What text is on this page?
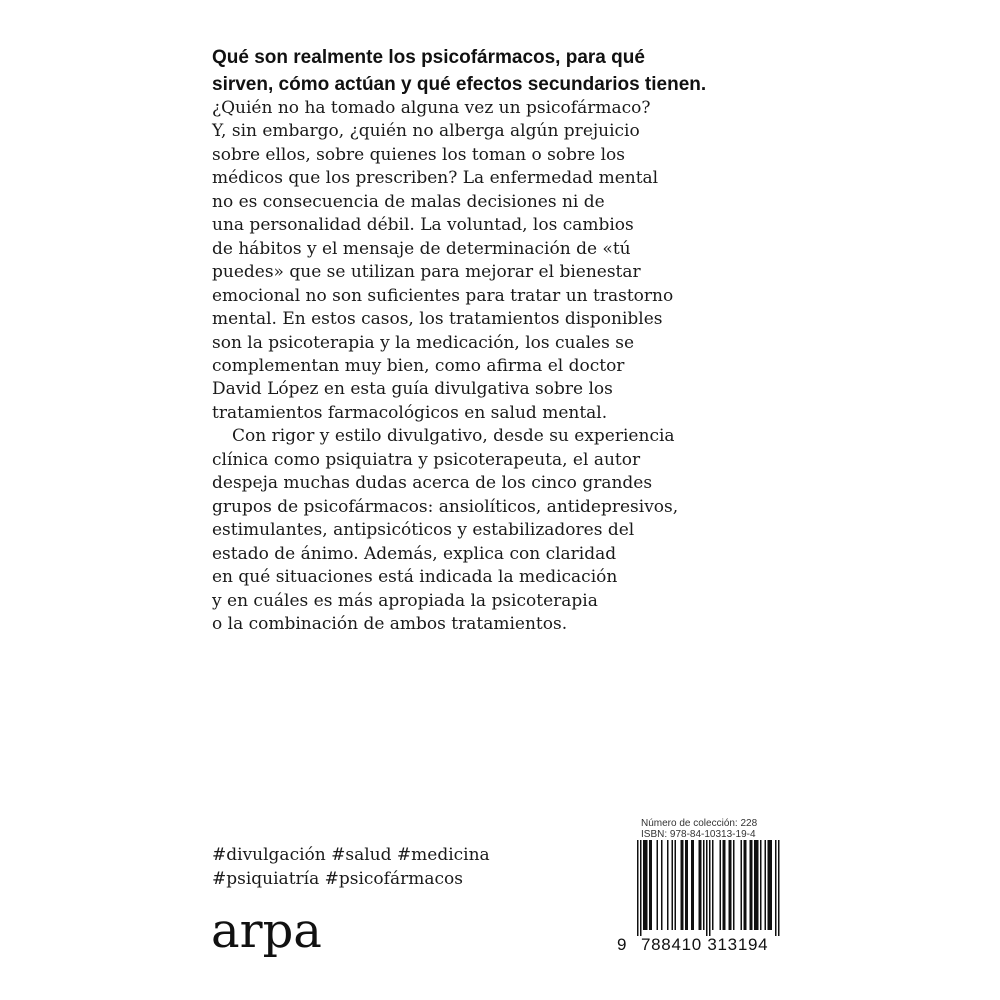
Qué son realmente los psicofármacos, para qué
sirven, cómo actúan y qué efectos secundarios tienen.
¿Quién no ha tomado alguna vez un psicofármaco?
Y, sin embargo, ¿quién no alberga algún prejuicio
sobre ellos, sobre quienes los toman o sobre los
médicos que los prescriben? La enfermedad mental
no es consecuencia de malas decisiones ni de
una personalidad débil. La voluntad, los cambios
de hábitos y el mensaje de determinación de «tú
puedes» que se utilizan para mejorar el bienestar
emocional no son suficientes para tratar un trastorno
mental. En estos casos, los tratamientos disponibles
son la psicoterapia y la medicación, los cuales se
complementan muy bien, como afirma el doctor
David López en esta guía divulgativa sobre los
tratamientos farmacológicos en salud mental.
Con rigor y estilo divulgativo, desde su experiencia
clínica como psiquiatra y psicoterapeuta, el autor
despeja muchas dudas acerca de los cinco grandes
grupos de psicofármacos: ansiolíticos, antidepresivos,
estimulantes, antipsicóticos y estabilizadores del
estado de ánimo. Además, explica con claridad
en qué situaciones está indicada la medicación
y en cuáles es más apropiada la psicoterapia
o la combinación de ambos tratamientos.
#divulgación #salud #medicina
#psiquiatría #psicofármacos
arpa
Número de colección: 228
ISBN: 978-84-10313-19-4
9 788410 313194
